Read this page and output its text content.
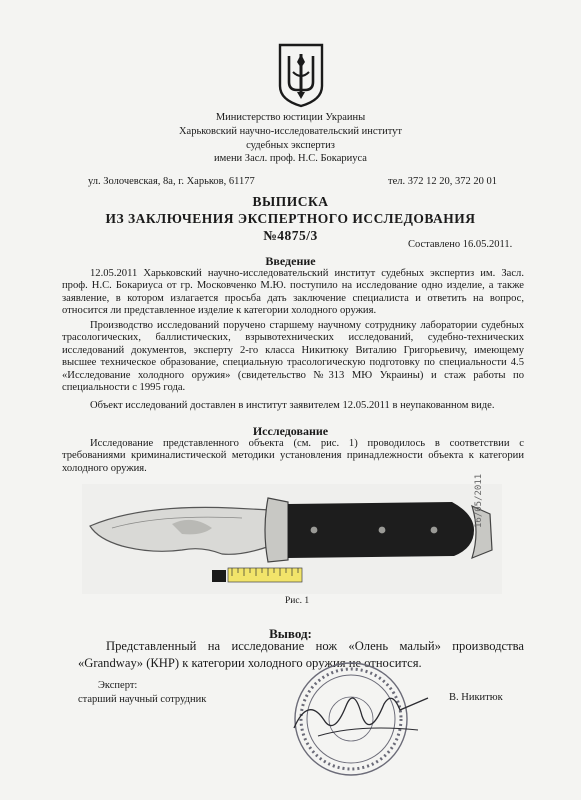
Министерство юстиции Украины
Харьковский научно-исследовательский институт
судебных экспертиз
имени Засл. проф. Н.С. Бокариуса
ул. Золочевская, 8а, г. Харьков, 61177	тел. 372 12 20, 372 20 01
ВЫПИСКА
ИЗ ЗАКЛЮЧЕНИЯ ЭКСПЕРТНОГО ИССЛЕДОВАНИЯ
№4875/3
Составлено 16.05.2011.
Введение
12.05.2011 Харьковский научно-исследовательский институт судебных экспертиз им. Засл. проф. Н.С. Бокариуса от гр. Московченко М.Ю. поступило на исследование одно изделие, а также заявление, в котором излагается просьба дать заключение специалиста и ответить на вопрос, относится ли представленное изделие к категории холодного оружия.
Производство исследований поручено старшему научному сотруднику лаборатории судебных трасологических, баллистических, взрывотехнических исследований, судебно-технических исследований документов, эксперту 2-го класса Никитюку Виталию Григорьевичу, имеющему высшее техническое образование, специальную трасологическую подготовку по специальности 4.5 «Исследование холодного оружия» (свидетельство №313 МЮ Украины) и стаж работы по специальности с 1995 года.
Объект исследований доставлен в институт заявителем 12.05.2011 в неупакованном виде.
Исследование
Исследование представленного объекта (см. рис. 1) проводилось в соответствии с требованиями криминалистической методики установления принадлежности объекта к категории холодного оружия.
16/05/2011
Рис. 1
Вывод:
Представленный на исследование нож «Олень малый» производства «Grandway» (КНР) к категории холодного оружия не относится.
Эксперт:
старший научный сотрудник	В. Никитюк
